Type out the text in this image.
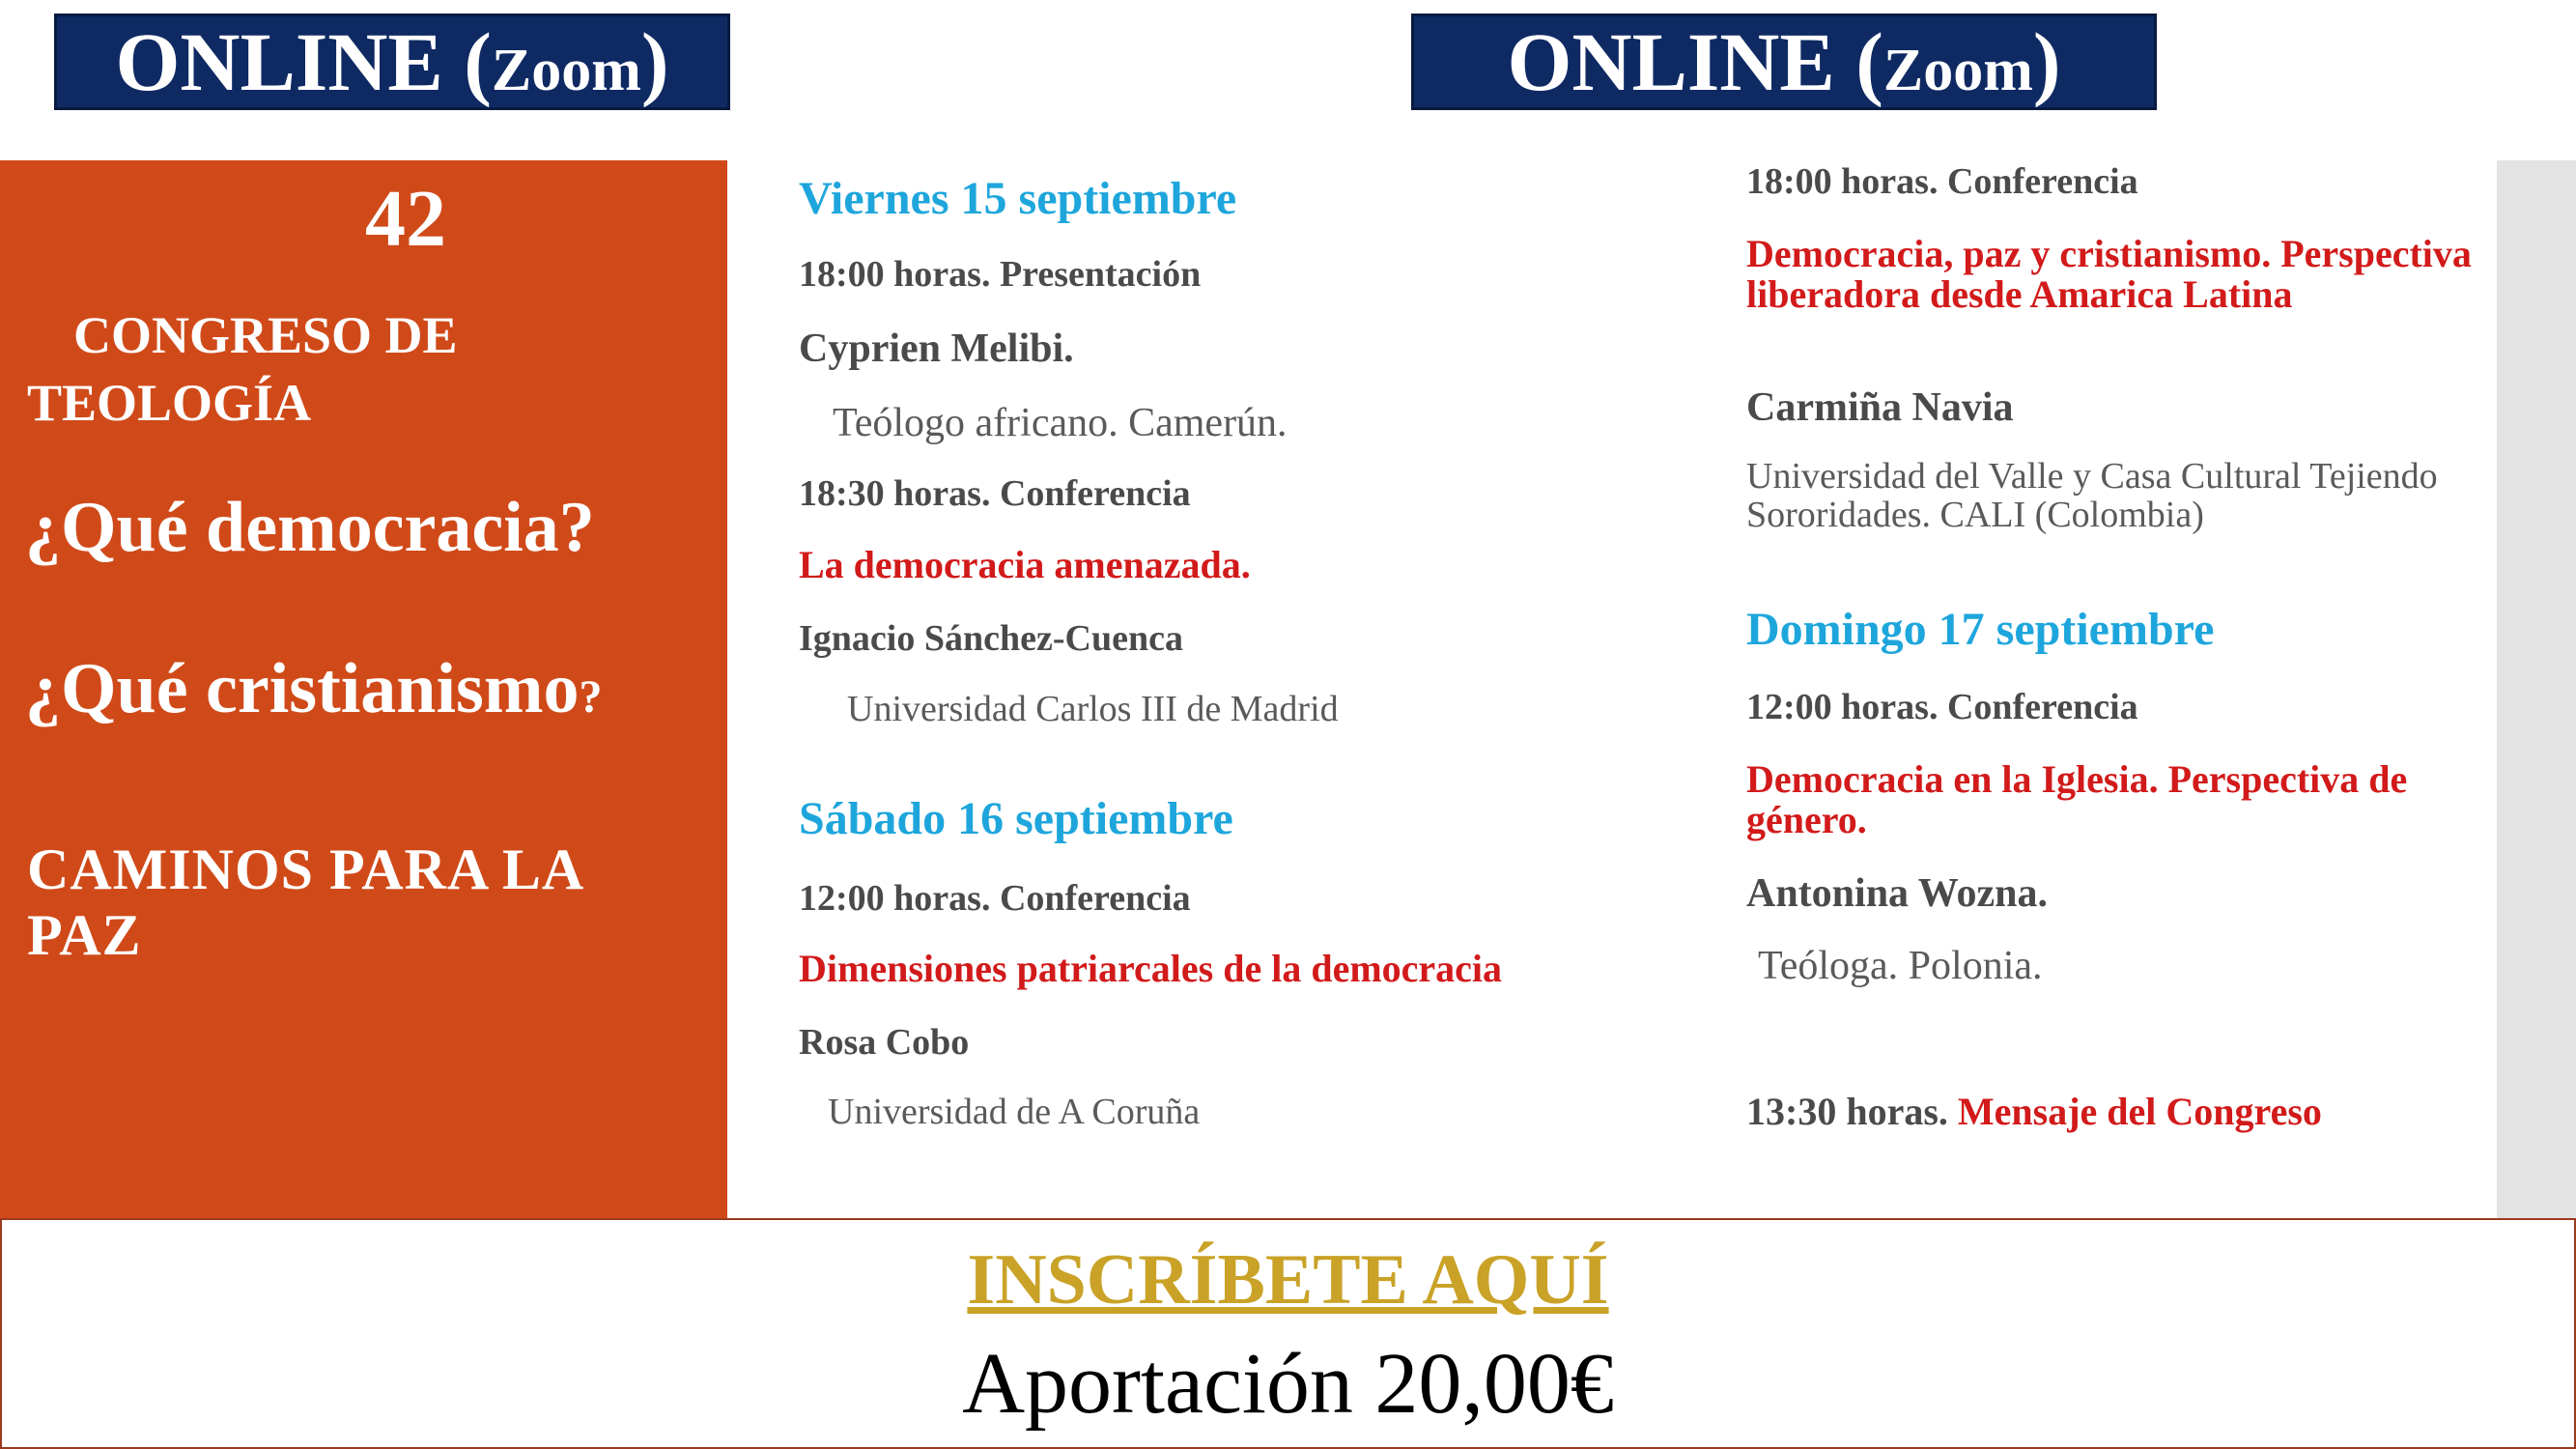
ONLINE (Zoom)	ONLINE (Zoom)
42
CONGRESO DE
TEOLOGÍA
¿Qué democracia?
¿Qué cristianismo?
CAMINOS PARA LA
PAZ
Viernes 15 septiembre
18:00 horas. Presentación
Cyprien Melibi.
Teólogo africano. Camerún.
18:30 horas. Conferencia
La democracia amenazada.
Ignacio Sánchez-Cuenca
Universidad Carlos III de Madrid
Sábado 16 septiembre
12:00 horas. Conferencia
Dimensiones patriarcales de la democracia
Rosa Cobo
Universidad de A Coruña
18:00 horas. Conferencia
Democracia, paz y cristianismo. Perspectiva liberadora desde Amarica Latina
Carmiña Navia
Universidad del Valle y Casa Cultural Tejiendo Sororidades. CALI (Colombia)
Domingo 17 septiembre
12:00 horas. Conferencia
Democracia en la Iglesia. Perspectiva de género.
Antonina Wozna.
Teóloga. Polonia.
13:30 horas. Mensaje del Congreso
INSCRÍBETE AQUÍ
Aportación 20,00€
